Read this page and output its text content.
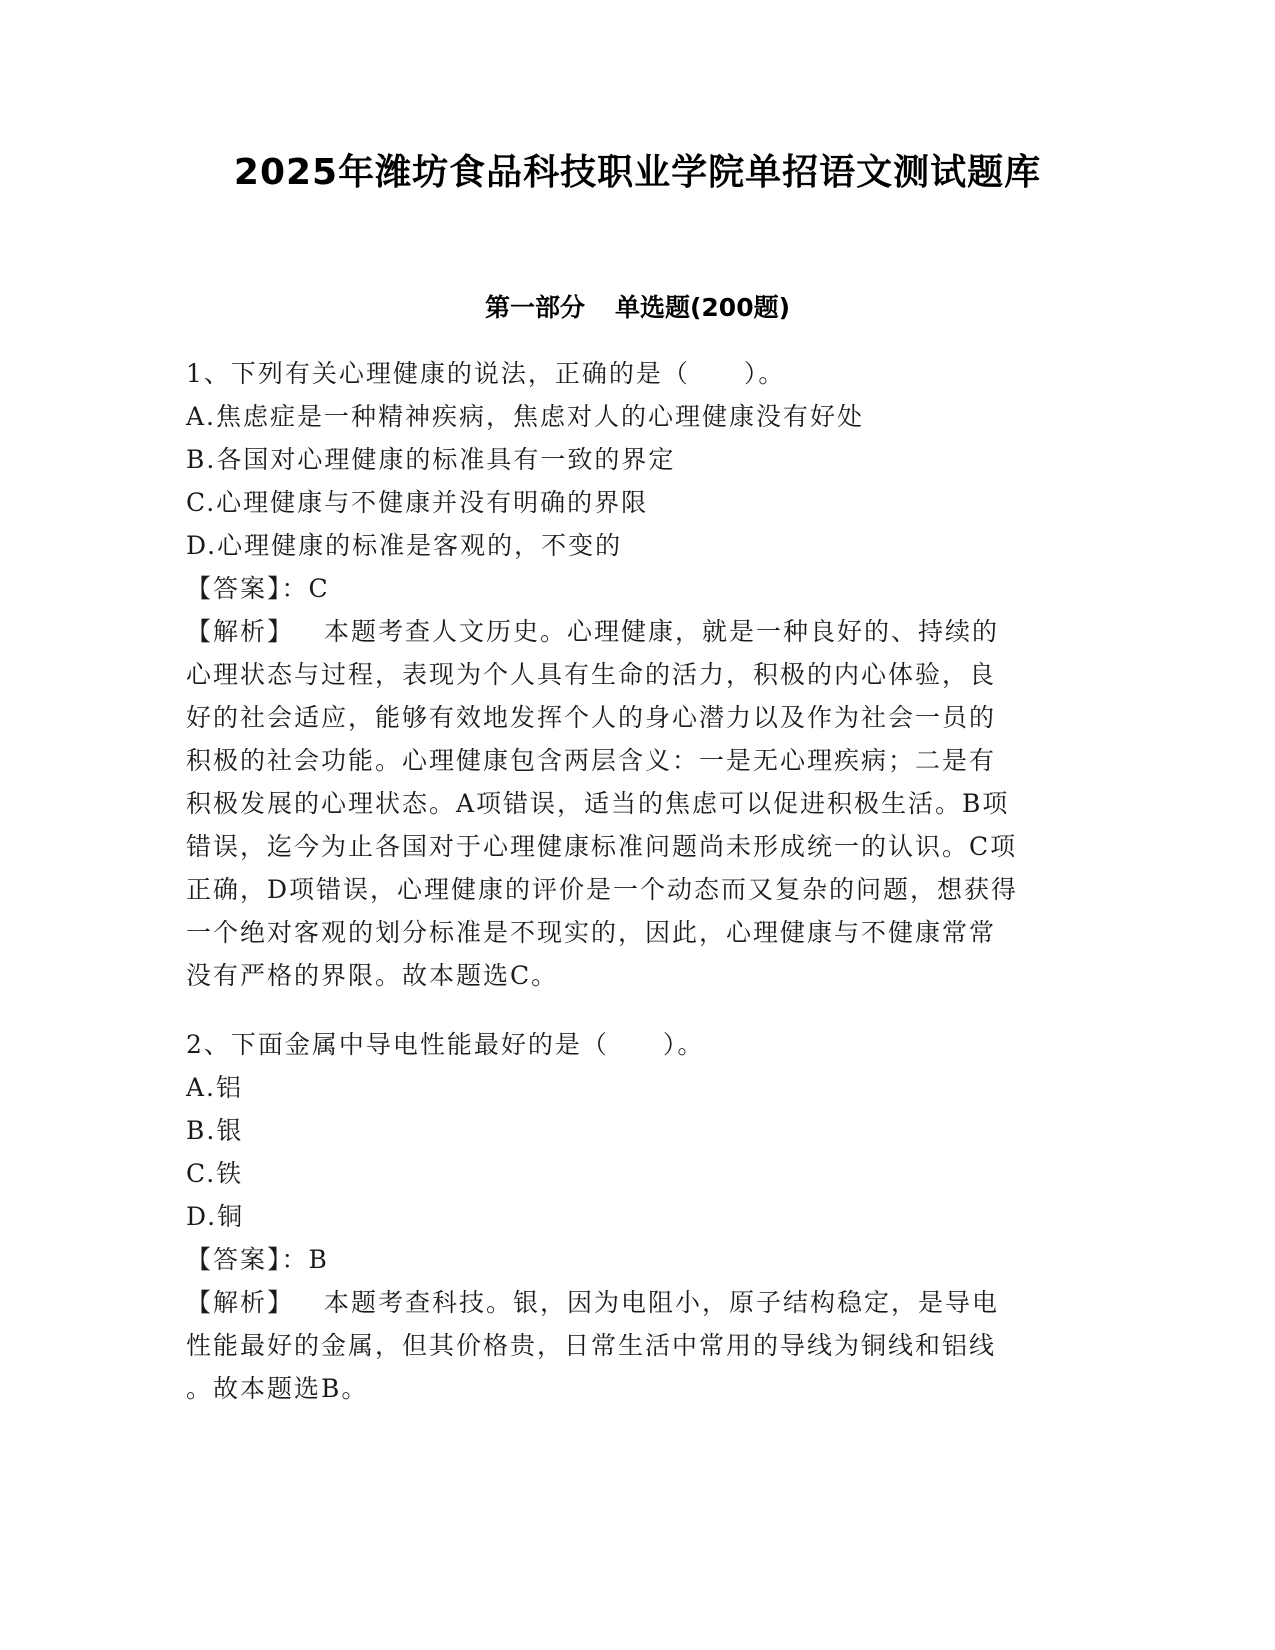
2025年潍坊食品科技职业学院单招语文测试题库
第一部分 单选题(200题)
1、下列有关心理健康的说法，正确的是（　　）。
A.焦虑症是一种精神疾病，焦虑对人的心理健康没有好处
B.各国对心理健康的标准具有一致的界定
C.心理健康与不健康并没有明确的界限
D.心理健康的标准是客观的，不变的
【答案】：C
【解析】 本题考查人文历史。心理健康，就是一种良好的、持续的
心理状态与过程，表现为个人具有生命的活力，积极的内心体验，良
好的社会适应，能够有效地发挥个人的身心潜力以及作为社会一员的
积极的社会功能。心理健康包含两层含义：一是无心理疾病；二是有
积极发展的心理状态。A项错误，适当的焦虑可以促进积极生活。B项
错误，迄今为止各国对于心理健康标准问题尚未形成统一的认识。C项
正确，D项错误，心理健康的评价是一个动态而又复杂的问题，想获得
一个绝对客观的划分标准是不现实的，因此，心理健康与不健康常常
没有严格的界限。故本题选C。
2、下面金属中导电性能最好的是（　　）。
A.铝
B.银
C.铁
D.铜
【答案】：B
【解析】 本题考查科技。银，因为电阻小，原子结构稳定，是导电
性能最好的金属，但其价格贵，日常生活中常用的导线为铜线和铝线
。故本题选B。
